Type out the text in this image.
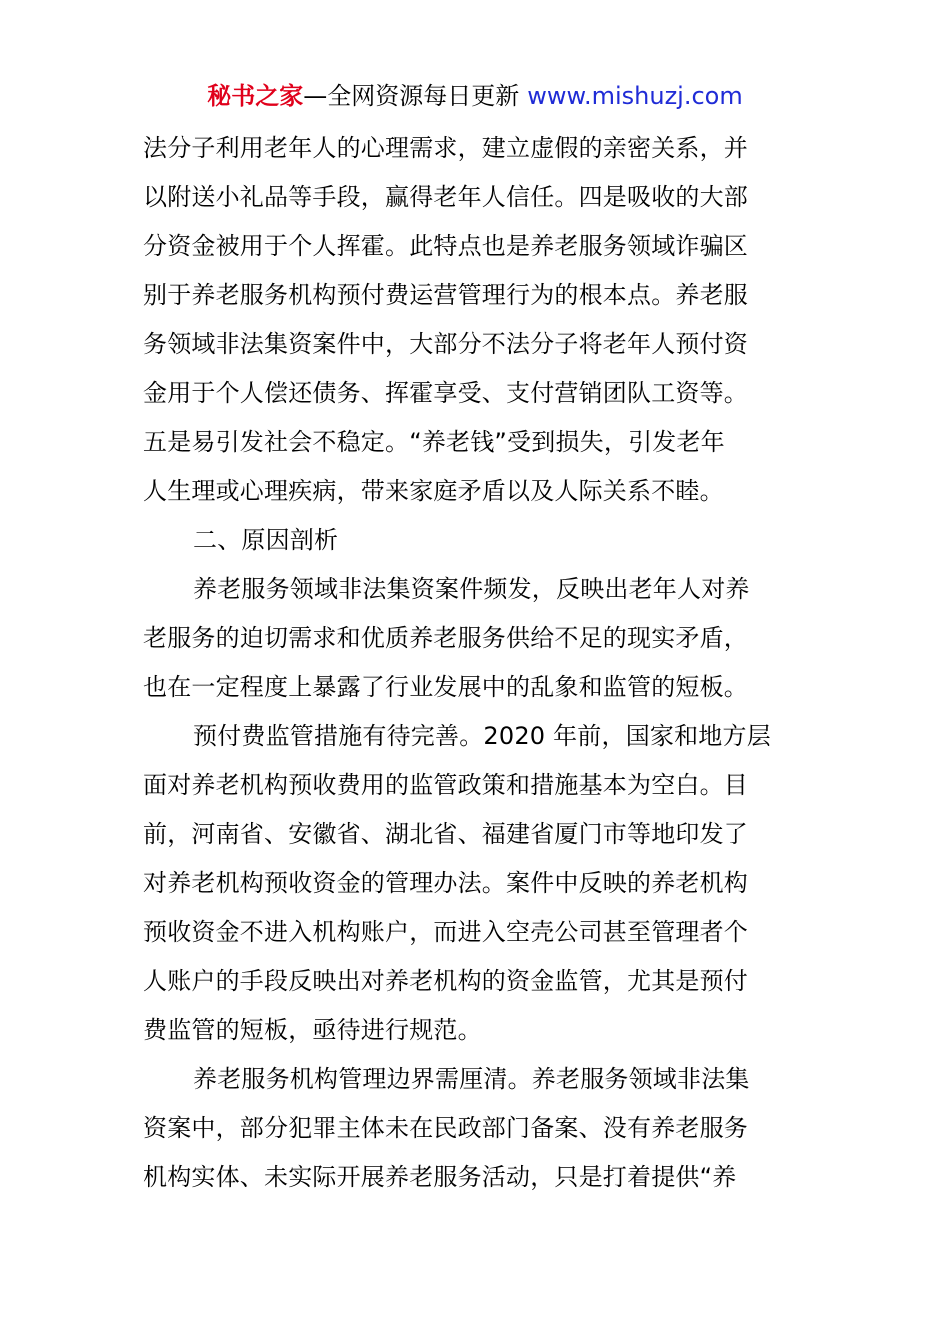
秘书之家—全网资源每日更新 www.mishuzj.com
法分子利用老年人的心理需求，建立虚假的亲密关系，并
以附送小礼品等手段，赢得老年人信任。四是吸收的大部
分资金被用于个人挥霍。此特点也是养老服务领域诈骗区
别于养老服务机构预付费运营管理行为的根本点。养老服
务领域非法集资案件中，大部分不法分子将老年人预付资
金用于个人偿还债务、挥霍享受、支付营销团队工资等。
五是易引发社会不稳定。“养老钱”受到损失，引发老年
人生理或心理疾病，带来家庭矛盾以及人际关系不睦。
二、原因剖析
养老服务领域非法集资案件频发，反映出老年人对养
老服务的迫切需求和优质养老服务供给不足的现实矛盾，
也在一定程度上暴露了行业发展中的乱象和监管的短板。
预付费监管措施有待完善。2020 年前，国家和地方层
面对养老机构预收费用的监管政策和措施基本为空白。目
前，河南省、安徽省、湖北省、福建省厦门市等地印发了
对养老机构预收资金的管理办法。案件中反映的养老机构
预收资金不进入机构账户，而进入空壳公司甚至管理者个
人账户的手段反映出对养老机构的资金监管，尤其是预付
费监管的短板，亟待进行规范。
养老服务机构管理边界需厘清。养老服务领域非法集
资案中，部分犯罪主体未在民政部门备案、没有养老服务
机构实体、未实际开展养老服务活动，只是打着提供“养
